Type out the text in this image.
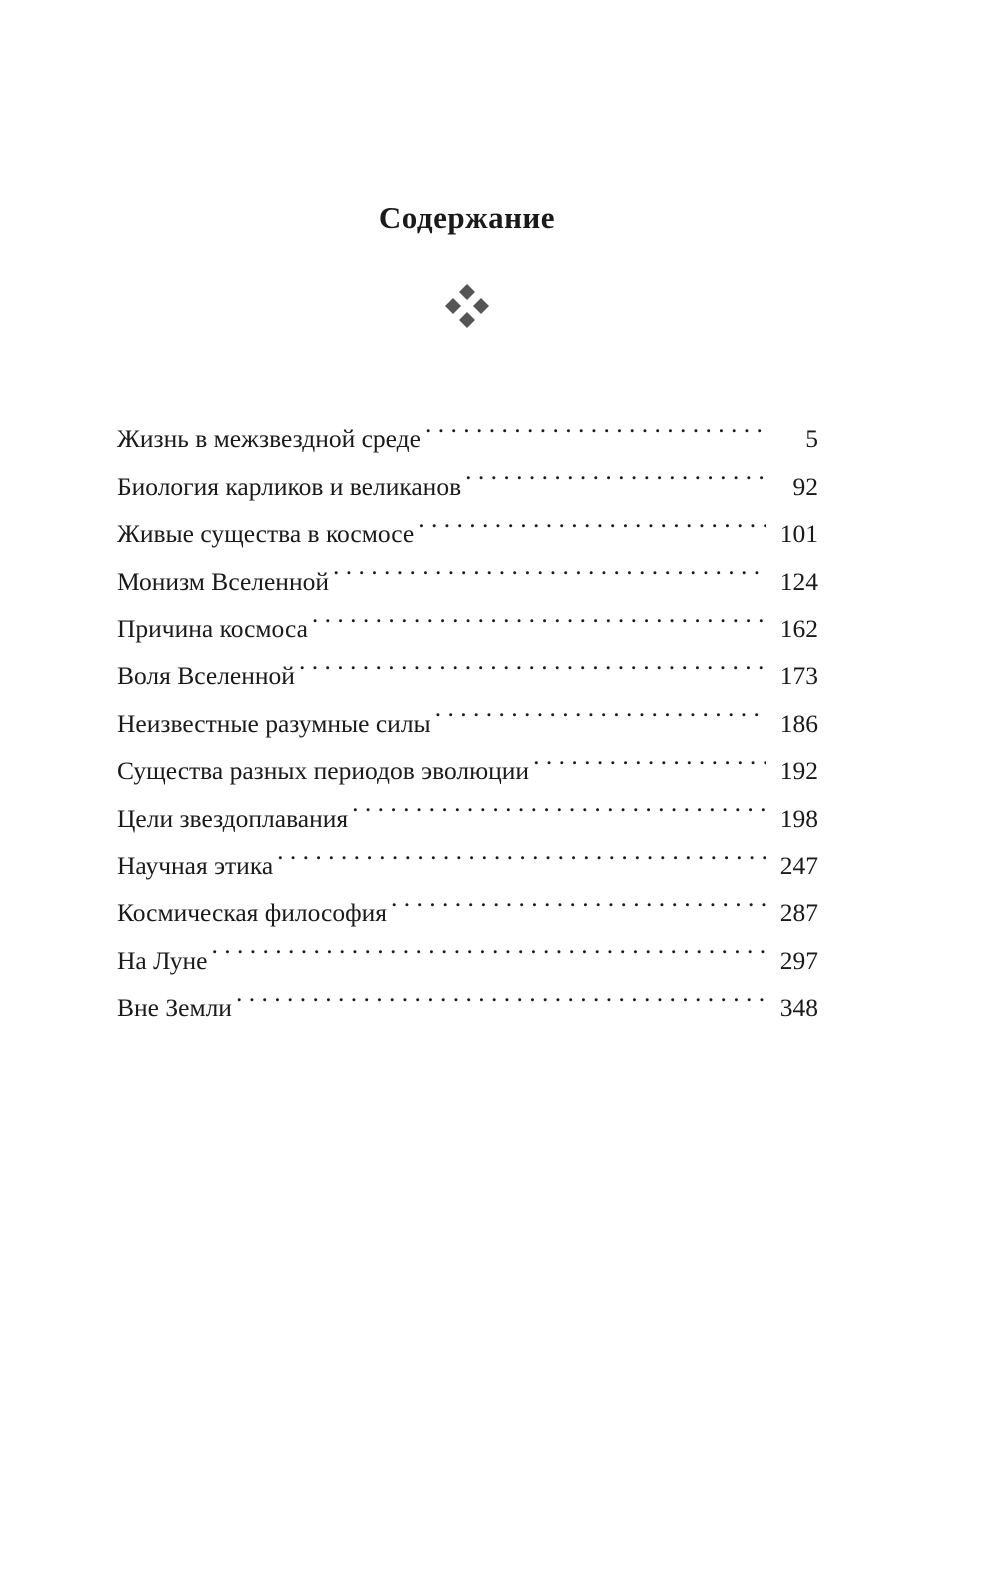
Содержание
Жизнь в межзвездной среде . . .	5
Биология карликов и великанов . . .	92
Живые существа в космосе . . .	101
Монизм Вселенной . . .	124
Причина космоса . . .	162
Воля Вселенной . . .	173
Неизвестные разумные силы . . .	186
Существа разных периодов эволюции . . .	192
Цели звездоплавания . . .	198
Научная этика . . .	247
Космическая философия . . .	287
На Луне . . .	297
Вне Земли . . .	348
